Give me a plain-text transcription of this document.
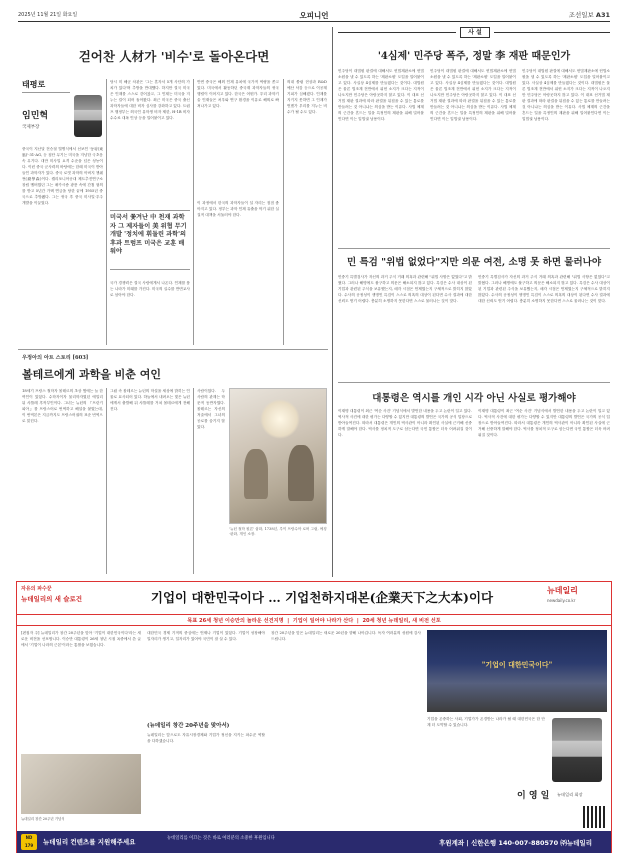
2025년 11월 21일 화요일	오피니언	조선일보 A31
걷어찬 人材가 '비수'로 돌아온다면
태평로
임민혁
국제부장
중국이 지난달 전승절 열병식에서 선보인 '둥펑(東風)'-31-AG, 등 첨단 무기는 미국을 겨냥한 극초음속 무기다. 대만 미사일 요격 수준을 넘은 성능이다. 이런 중국 군사력의 바탕에는 한때 미국이 받아들인 과학자가 있다. 중국 로켓 과학의 아버지 첸쉐썬(錢學森)이다. 캘리포니아공대 제트추진연구소 창립 멤버였던 그는 매카시즘 광풍 속에 간첩 혐의를 받고 5년간 가택 연금을 당한 끝에 1955년 중국으로 추방됐다. 그는 귀국 후 중국 미사일·우주 개발을 이끌었다.
당시 미 해군 차관은 '그는 혼자서 5개 사단의 가치가 있다'며 추방을 반대했다. 하지만 결국 미국은 인재를 스스로 걷어찼고, 그 인재는 미국을 겨누는 칼이 되어 돌아왔다. 최근 미국은 중국 출신 과학자들에 대한 비자 심사를 강화하고 있다. 트럼프 행정부는 외국인 유학생 비자 제한, H-1B 비자 수수료 대폭 인상 등을 밀어붙이고 있다.
반면 중국은 해외 인재 유치에 국가적 역량을 쏟고 있다. 미국에서 활동하던 중국계 과학자들의 귀국 행렬이 이어지고 있다. 한국은 어떤가. 우리 과학기술 인재들은 처우와 연구 환경을 이유로 해외로 빠져나가고 있다.
의대 쏠림 현상과 R&D 예산 삭감 등으로 이공계 기피가 심해졌다. 인재를 지키지 못하면 그 인재가 언젠가 우리를 겨누는 비수가 될 수도 있다.
미국서 쫓겨난 中 천재 과학자 그 제자들이 美 위협 무기 개발 '정치에 휘둘린 과학'의 후과 트럼프 미국은 교훈 배워야
국가 경쟁력은 결국 사람에게서 나온다. 인재를 품는 나라가 미래를 가진다. 미국의 실수를 반면교사로 삼아야 한다.
이 과정에서 한국의 과학자들이 설 자리는 점점 좁아지고 있다. 정부는 과학 인재 유출을 막기 위한 실질적 대책을 서둘러야 한다.
우정아의 아트 스토리 [603]
볼테르에게 과학을 비춘 여인
18세기 프랑스 철학자 볼테르의 초상 옆에는 늘 한 여인이 있었다. 수학자이자 물리학자였던 에밀리 뒤 샤틀레 후작부인이다. 그녀는 뉴턴의 『프린키피아』를 프랑스어로 번역하고 해설을 붙였는데, 이 번역본은 지금까지도 프랑스어권의 표준 번역으로 읽힌다.
그림 속 볼테르는 뉴턴의 학설을 세상에 밝히는 인물로 묘사되어 있다. 하늘에서 내려오는 빛은 뉴턴에게서 출발해 뒤 샤틀레를 거쳐 볼테르에게 전해진다.
사람이었다. 두 사람의 관계는 학문적 동반자였다. 볼테르는 자신의 저술에서 그녀의 공로를 숨기지 않았다.
'뉴턴 철학 원론' 삽화, 1738년, 루이 프랑수아 로버 그림, 에칭·판화, 개인 소장.
사 설
'4심제' 민주당 폭주, 정말 李 재판 때문인가
민주당이 대법원 판결에 대해서도 헌법재판소에 헌법소원을 낼 수 있도록 하는 '재판소원' 도입을 밀어붙이고 있다. 사실상 4심제를 만들겠다는 것이다. 대법원은 물론 법조계 전반에서 위헌 소지가 크다는 지적이 나오지만 민주당은 아랑곳하지 않고 있다. 이 대표 선거법 재판 결과에 따라 판결을 뒤집을 수 있는 통로를 만들려는 것 아니냐는 의심을 받는 이유다. 사법 체계의 근간을 흔드는 일을 특정인의 재판을 위해 밀어붙인다면 이는 입법권 남용이다.
민주당이 대법원 판결에 대해서도 헌법재판소에 헌법소원을 낼 수 있도록 하는 '재판소원' 도입을 밀어붙이고 있다. 사실상 4심제를 만들겠다는 것이다. 대법원은 물론 법조계 전반에서 위헌 소지가 크다는 지적이 나오지만 민주당은 아랑곳하지 않고 있다. 이 대표 선거법 재판 결과에 따라 판결을 뒤집을 수 있는 통로를 만들려는 것 아니냐는 의심을 받는 이유다. 사법 체계의 근간을 흔드는 일을 특정인의 재판을 위해 밀어붙인다면 이는 입법권 남용이다.
민주당이 대법원 판결에 대해서도 헌법재판소에 헌법소원을 낼 수 있도록 하는 '재판소원' 도입을 밀어붙이고 있다. 사실상 4심제를 만들겠다는 것이다. 대법원은 물론 법조계 전반에서 위헌 소지가 크다는 지적이 나오지만 민주당은 아랑곳하지 않고 있다. 이 대표 선거법 재판 결과에 따라 판결을 뒤집을 수 있는 통로를 만들려는 것 아니냐는 의심을 받는 이유다. 사법 체계의 근간을 흔드는 일을 특정인의 재판을 위해 밀어붙인다면 이는 입법권 남용이다.
민 특검 "위법 없었다"지만 의문 여전, 소명 못 하면 물러나야
민중기 특별검사가 자신의 과거 주식 거래 의혹과 관련해 "위법 사항은 없었다"고 밝혔다. 그러나 해명에도 불구하고 의문은 해소되지 않고 있다. 특검은 수사 대상이 된 기업과 관련된 주식을 보유했는지, 매각 시점은 언제였는지 구체적으로 밝히지 않았다. 수사의 공정성이 생명인 특검이 스스로 의혹의 대상이 된다면 수사 결과에 대한 신뢰도 얻기 어렵다. 충분히 소명하지 못한다면 스스로 물러나는 것이 맞다.
민중기 특별검사가 자신의 과거 주식 거래 의혹과 관련해 "위법 사항은 없었다"고 밝혔다. 그러나 해명에도 불구하고 의문은 해소되지 않고 있다. 특검은 수사 대상이 된 기업과 관련된 주식을 보유했는지, 매각 시점은 언제였는지 구체적으로 밝히지 않았다. 수사의 공정성이 생명인 특검이 스스로 의혹의 대상이 된다면 수사 결과에 대한 신뢰도 얻기 어렵다. 충분히 소명하지 못한다면 스스로 물러나는 것이 맞다.
대통령은 역시를 개인 시각 아닌 사실로 평가해야
이재명 대통령이 최근 '여순 사건' 기념식에서 발언한 내용을 두고 논란이 일고 있다. 역사적 사건에 대한 평가는 다양할 수 있지만 대통령의 발언은 국가의 공식 입장으로 받아들여진다. 따라서 대통령은 개인의 역사관이 아니라 확인된 사실에 근거해 신중하게 말해야 한다. 역사를 정치적 도구로 삼는다면 국민 통합은 더욱 어려워질 것이다.
이재명 대통령이 최근 '여순 사건' 기념식에서 발언한 내용을 두고 논란이 일고 있다. 역사적 사건에 대한 평가는 다양할 수 있지만 대통령의 발언은 국가의 공식 입장으로 받아들여진다. 따라서 대통령은 개인의 역사관이 아니라 확인된 사실에 근거해 신중하게 말해야 한다. 역사를 정치적 도구로 삼는다면 국민 통합은 더욱 어려워질 것이다.
자유의 파수꾼
뉴데일리의 새 슬로건	기업이 대한민국이다 … 기업천하지대본(企業天下之大本)이다	뉴데일리
newdaily.co.kr
목표 26세 청년 이승만의 놀라운 선견지명  |  기업이 일어야 나라가 산다  |  20세 청년 뉴데일리, 새 비전 선포
[편집자 주] 뉴데일리가 창간 20주년을 맞아 '기업이 대한민국이다'라는 새로운 비전을 선포합니다. 이승만 대통령이 26세 청년 시절 옥중에서 쓴 글에서 '기업이 나라의 근본'이라는 통찰을 보였습니다.
뉴데일리 창간 20주년 기념식
대한민국 경제 기적의 중심에는 언제나 기업이 있었다. 기업이 성장해야 일자리가 생기고, 일자리가 있어야 국민이 잘 살 수 있다.
(뉴데일리 창간 20주년을 맞아서)
뉴데일리는 앞으로도 자유시장경제와 기업가 정신을 지키는 파수꾼 역할을 다하겠습니다.
창간 20주년을 맞은 뉴데일리는 새로운 20년을 향해 나아갑니다. 독자 여러분의 성원에 감사드립니다.
"기업이 대한민국이다"
기업을 존중하는 사회, 기업가가 존경받는 나라가 될 때 대한민국은 한 단계 더 도약할 수 있습니다.
이 영 일 뉴데일리 회장
ND
179	뉴데일리 컨텐츠를 지원해주세요	뉴데일리를 이끄는 것은 바로 여러분의 소중한 후원입니다
후원계좌 | 신한은행 140-007-880570 ㈜뉴데일리
